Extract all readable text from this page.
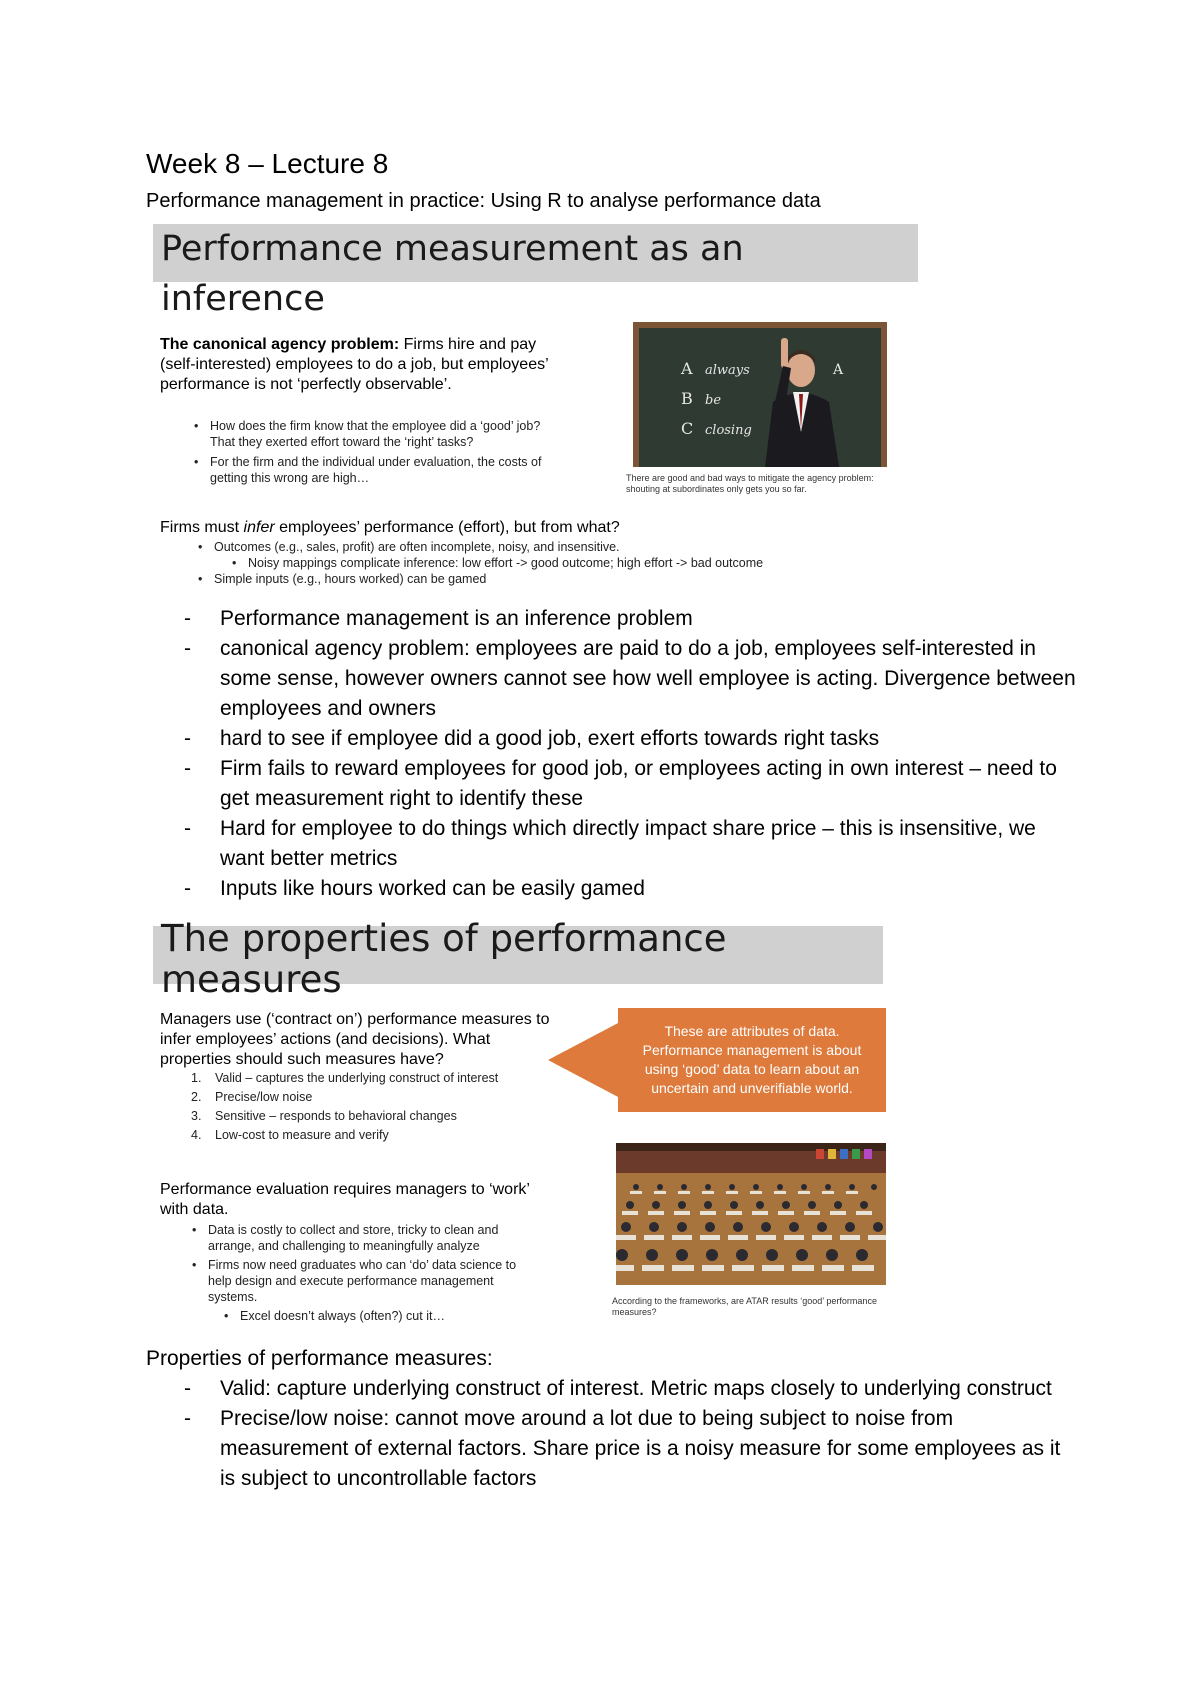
Week 8 – Lecture 8
Performance management in practice: Using R to analyse performance data
Performance measurement as an inference
The canonical agency problem: Firms hire and pay (self-interested) employees to do a job, but employees’ performance is not ‘perfectly observable’.
• How does the firm know that the employee did a ‘good’ job? That they exerted effort toward the ‘right’ tasks?
• For the firm and the individual under evaluation, the costs of getting this wrong are high…
A always
B be
C closing
A
There are good and bad ways to mitigate the agency problem: shouting at subordinates only gets you so far.
Firms must infer employees’ performance (effort), but from what?
• Outcomes (e.g., sales, profit) are often incomplete, noisy, and insensitive.
• Noisy mappings complicate inference: low effort -> good outcome; high effort -> bad outcome
• Simple inputs (e.g., hours worked) can be gamed
- Performance management is an inference problem
- canonical agency problem: employees are paid to do a job, employees self-interested in some sense, however owners cannot see how well employee is acting. Divergence between employees and owners
- hard to see if employee did a good job, exert efforts towards right tasks
- Firm fails to reward employees for good job, or employees acting in own interest – need to get measurement right to identify these
- Hard for employee to do things which directly impact share price – this is insensitive, we want better metrics
- Inputs like hours worked can be easily gamed
The properties of performance measures
Managers use (‘contract on’) performance measures to infer employees’ actions (and decisions). What properties should such measures have?
1. Valid – captures the underlying construct of interest
2. Precise/low noise
3. Sensitive – responds to behavioral changes
4. Low-cost to measure and verify
These are attributes of data. Performance management is about using ‘good’ data to learn about an uncertain and unverifiable world.
Performance evaluation requires managers to ‘work’ with data.
• Data is costly to collect and store, tricky to clean and arrange, and challenging to meaningfully analyze
• Firms now need graduates who can ‘do’ data science to help design and execute performance management systems.
• Excel doesn’t always (often?) cut it…
According to the frameworks, are ATAR results ‘good’ performance measures?
Properties of performance measures:
- Valid: capture underlying construct of interest. Metric maps closely to underlying construct
- Precise/low noise: cannot move around a lot due to being subject to noise from measurement of external factors. Share price is a noisy measure for some employees as it is subject to uncontrollable factors
